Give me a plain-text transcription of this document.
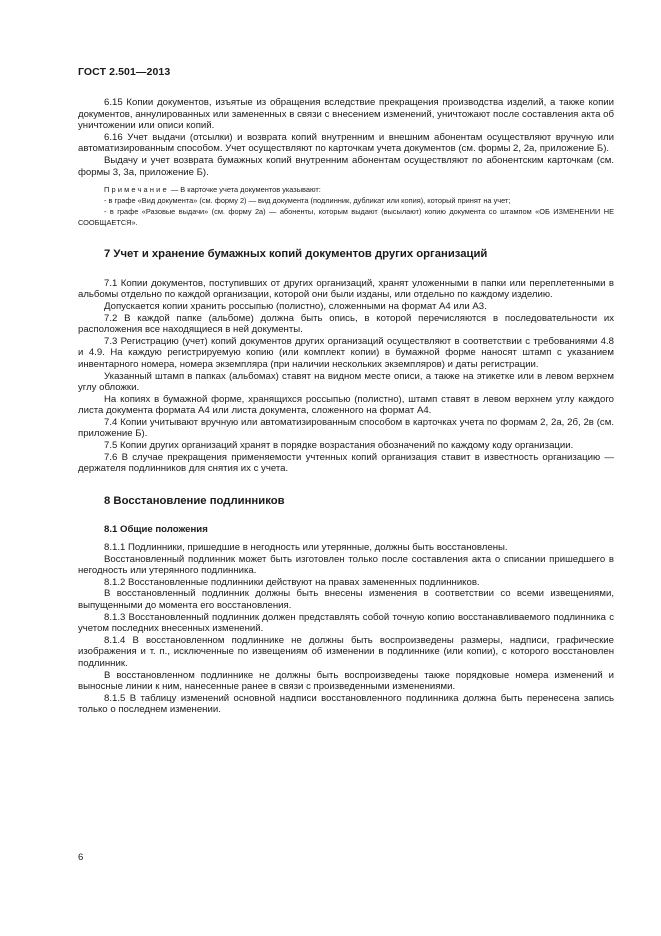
ГОСТ 2.501—2013

6.15 Копии документов, изъятые из обращения вследствие прекращения производства изделий, а также копии документов, аннулированных или замененных в связи с внесением изменений, уничтожают после составления акта об уничтожении или описи копий.

6.16 Учет выдачи (отсылки) и возврата копий внутренним и внешним абонентам осуществляют вручную или автоматизированным способом. Учет осуществляют по карточкам учета документов (см. формы 2, 2а, приложение Б).

Выдачу и учет возврата бумажных копий внутренним абонентам осуществляют по абонентским карточкам (см. формы 3, 3а, приложение Б).

Примечание — В карточке учета документов указывают:

- в графе «Вид документа» (см. форму 2) — вид документа (подлинник, дубликат или копия), который принят на учет;

- в графе «Разовые выдачи» (см. форму 2а) — абоненты, которым выдают (высылают) копию документа со штампом «ОБ ИЗМЕНЕНИИ НЕ СООБЩАЕТСЯ».

7 Учет и хранение бумажных копий документов других организаций

7.1 Копии документов, поступивших от других организаций, хранят уложенными в папки или переплетенными в альбомы отдельно по каждой организации, которой они были изданы, или отдельно по каждому изделию.

Допускается копии хранить россыпью (полистно), сложенными на формат А4 или А3.

7.2 В каждой папке (альбоме) должна быть опись, в которой перечисляются в последовательности их расположения все находящиеся в ней документы.

7.3 Регистрацию (учет) копий документов других организаций осуществляют в соответствии с требованиями 4.8 и 4.9. На каждую регистрируемую копию (или комплект копии) в бумажной форме наносят штамп с указанием инвентарного номера, номера экземпляра (при наличии нескольких экземпляров) и даты регистрации.

Указанный штамп в папках (альбомах) ставят на видном месте описи, а также на этикетке или в левом верхнем углу обложки.

На копиях в бумажной форме, хранящихся россыпью (полистно), штамп ставят в левом верхнем углу каждого листа документа формата А4 или листа документа, сложенного на формат А4.

7.4 Копии учитывают вручную или автоматизированным способом в карточках учета по формам 2, 2а, 2б, 2в (см. приложение Б).

7.5 Копии других организаций хранят в порядке возрастания обозначений по каждому коду организации.

7.6 В случае прекращения применяемости учтенных копий организация ставит в известность организацию — держателя подлинников для снятия их с учета.

8 Восстановление подлинников
8.1 Общие положения

8.1.1 Подлинники, пришедшие в негодность или утерянные, должны быть восстановлены.

Восстановленный подлинник может быть изготовлен только после составления акта о списании пришедшего в негодность или утерянного подлинника.

8.1.2 Восстановленные подлинники действуют на правах замененных подлинников.

В восстановленный подлинник должны быть внесены изменения в соответствии со всеми извещениями, выпущенными до момента его восстановления.

8.1.3 Восстановленный подлинник должен представлять собой точную копию восстанавливаемого подлинника с учетом последних внесенных изменений.

8.1.4 В восстановленном подлиннике не должны быть воспроизведены размеры, надписи, графические изображения и т. п., исключенные по извещениям об изменении в подлиннике (или копии), с которого восстановлен подлинник.

В восстановленном подлиннике не должны быть воспроизведены также порядковые номера изменений и выносные линии к ним, нанесенные ранее в связи с произведенными изменениями.

8.1.5 В таблицу изменений основной надписи восстановленного подлинника должна быть перенесена запись только о последнем изменении.

6
